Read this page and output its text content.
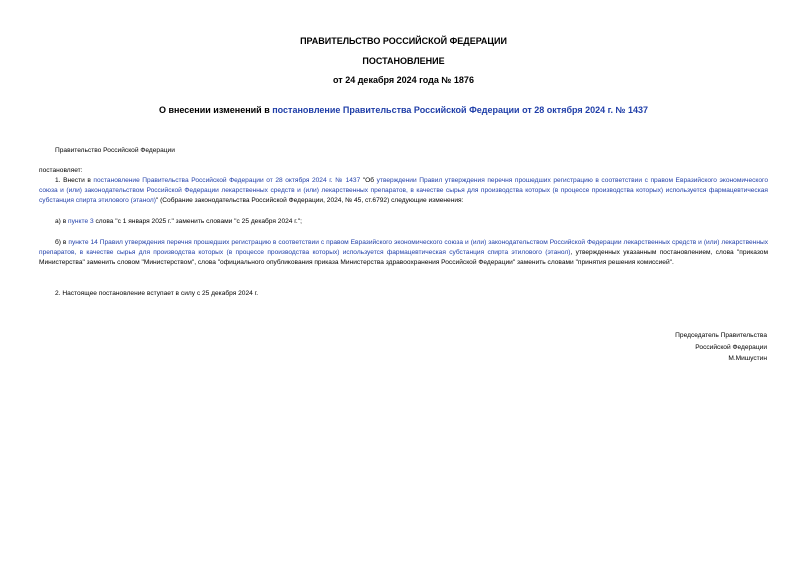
ПРАВИТЕЛЬСТВО РОССИЙСКОЙ ФЕДЕРАЦИИ
ПОСТАНОВЛЕНИЕ
от 24 декабря 2024 года № 1876
О внесении изменений в постановление Правительства Российской Федерации от 28 октября 2024 г. № 1437
Правительство Российской Федерации
постановляет:
1. Внести в постановление Правительства Российской Федерации от 28 октября 2024 г. № 1437 "Об утверждении Правил утверждения перечня прошедших регистрацию в соответствии с правом Евразийского экономического союза и (или) законодательством Российской Федерации лекарственных средств и (или) лекарственных препаратов, в качестве сырья для производства которых (в процессе производства которых) используется фармацевтическая субстанция спирта этилового (этанол)" (Собрание законодательства Российской Федерации, 2024, № 45, ст.6792) следующие изменения:
а) в пункте 3 слова "с 1 января 2025 г." заменить словами "с 25 декабря 2024 г.";
б) в пункте 14 Правил утверждения перечня прошедших регистрацию в соответствии с правом Евразийского экономического союза и (или) законодательством Российской Федерации лекарственных средств и (или) лекарственных препаратов, в качестве сырья для производства которых (в процессе производства которых) используется фармацевтическая субстанция спирта этилового (этанол), утвержденных указанным постановлением, слова "приказом Министерства" заменить словом "Министерством", слова "официального опубликования приказа Министерства здравоохранения Российской Федерации" заменить словами "принятия решения комиссией".
2. Настоящее постановление вступает в силу с 25 декабря 2024 г.
Председатель Правительства
Российской Федерации
М.Мишустин
